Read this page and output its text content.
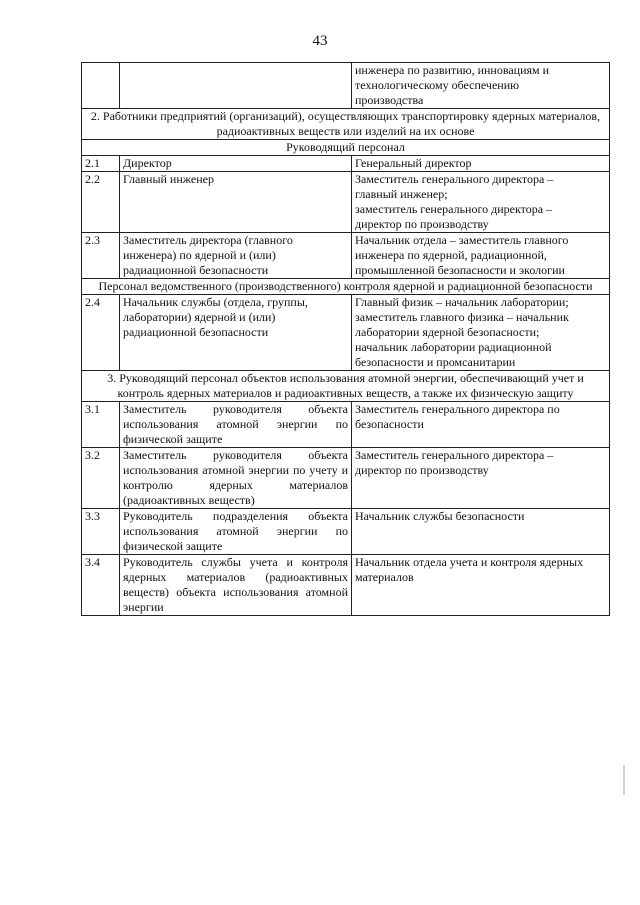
43

		инженера по развитию, инновациям и
технологическому обеспечению
производства

2. Работники предприятий (организаций), осуществляющих транспортировку ядерных материалов, радиоактивных веществ или изделий на их основе		
Руководящий персонал		
2.1	Директор	Генеральный директор
2.2	Главный инженер	Заместитель генерального директора –
главный инженер;
заместитель генерального директора –
директор по производству

2.3	Заместитель директора (главного
инженера) по ядерной и (или)
радиационной безопасности	Начальник отдела – заместитель главного
инженера по ядерной, радиационной,
промышленной безопасности и экологии

Персонал ведомственного (производственного) контроля ядерной и радиационной безопасности		
2.4	Начальник службы (отдела, группы,
лаборатории) ядерной и (или)
радиационной безопасности	Главный физик – начальник лаборатории;
заместитель главного физика – начальник
лаборатории ядерной безопасности;
начальник лаборатории радиационной
безопасности и промсанитарии

3. Руководящий персонал объектов использования атомной энергии, обеспечивающий учет и контроль ядерных материалов и радиоактивных веществ, а также их физическую защиту		
3.1	Заместитель руководителя объекта использования атомной энергии по физической защите	Заместитель генерального директора по безопасности
3.2	Заместитель руководителя объекта использования атомной энергии по учету и контролю ядерных материалов (радиоактивных веществ)	Заместитель генерального директора –
директор по производству

3.3	Руководитель подразделения объекта использования атомной энергии по физической защите	Начальник службы безопасности
3.4	Руководитель службы учета и контроля ядерных материалов (радиоактивных веществ) объекта использования атомной энергии	Начальник отдела учета и контроля ядерных материалов
